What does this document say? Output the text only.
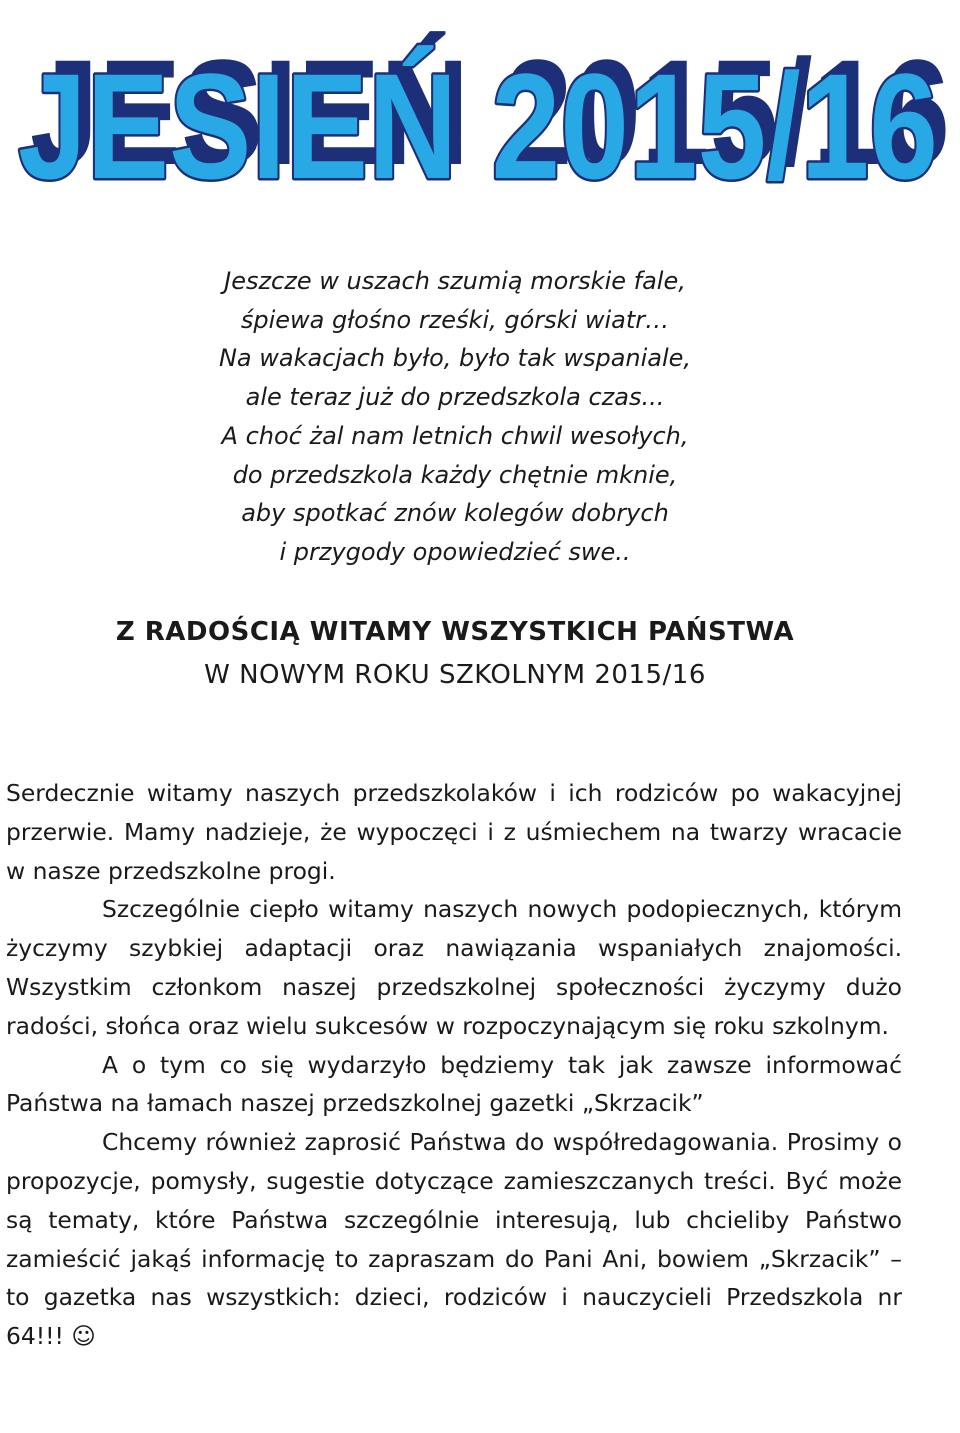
JESIEŃ 2015/16
JESIEŃ 2015/16
Jeszcze w uszach szumią morskie fale,
śpiewa głośno rześki, górski wiatr…
Na wakacjach było, było tak wspaniale,
ale teraz już do przedszkola czas...
A choć żal nam letnich chwil wesołych,
do przedszkola każdy chętnie mknie,
aby spotkać znów kolegów dobrych
i przygody opowiedzieć swe..
Z RADOŚCIĄ WITAMY WSZYSTKICH PAŃSTWA
W NOWYM ROKU SZKOLNYM 2015/16

Serdecznie witamy naszych przedszkolaków i ich rodziców po wakacyjnej przerwie. Mamy nadzieje, że wypoczęci i z uśmiechem na twarzy wracacie w nasze przedszkolne progi.

Szczególnie ciepło witamy naszych nowych podopiecznych, którym życzymy szybkiej adaptacji oraz nawiązania wspaniałych znajomości. Wszystkim członkom naszej przedszkolnej społeczności życzymy dużo radości, słońca oraz wielu sukcesów w rozpoczynającym się roku szkolnym.

A o tym co się wydarzyło będziemy tak jak zawsze informować Państwa na łamach naszej przedszkolnej gazetki „Skrzacik”

Chcemy również zaprosić Państwa do współredagowania. Prosimy o propozycje, pomysły, sugestie dotyczące zamieszczanych treści. Być może są tematy, które Państwa szczególnie interesują, lub chcieliby Państwo zamieścić jakąś informację to zapraszam do Pani Ani, bowiem „Skrzacik” – to gazetka nas wszystkich: dzieci, rodziców i nauczycieli Przedszkola nr 64!!! ☺
